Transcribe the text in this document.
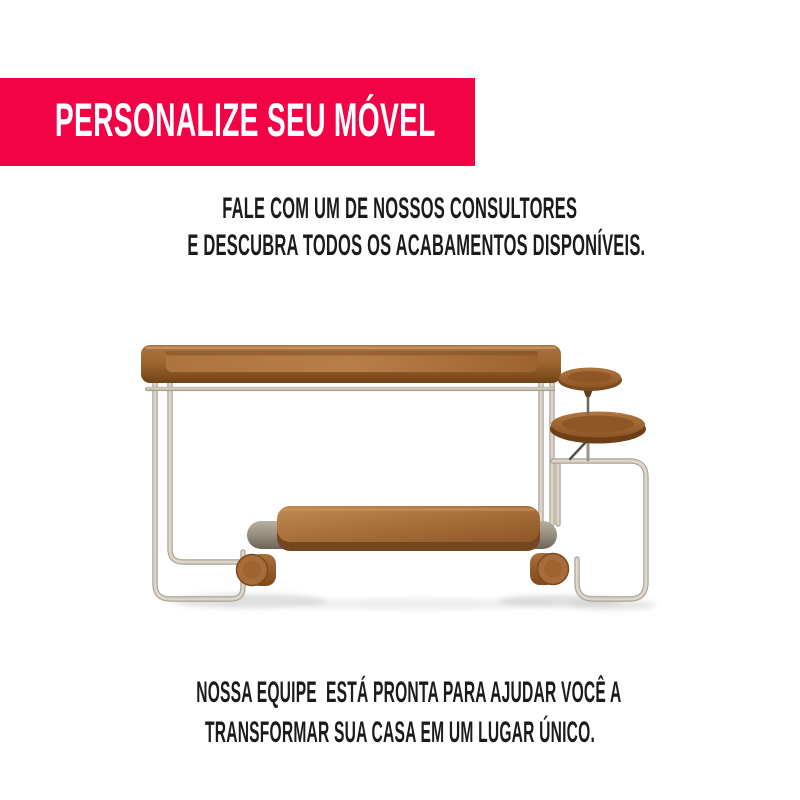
PERSONALIZE SEU MÓVEL
FALE COM UM DE NOSSOS CONSULTORES
E DESCUBRA TODOS OS ACABAMENTOS DISPONÍVEIS.
NOSSA EQUIPE  ESTÁ PRONTA PARA AJUDAR VOCÊ A
TRANSFORMAR SUA CASA EM UM LUGAR ÚNICO.
